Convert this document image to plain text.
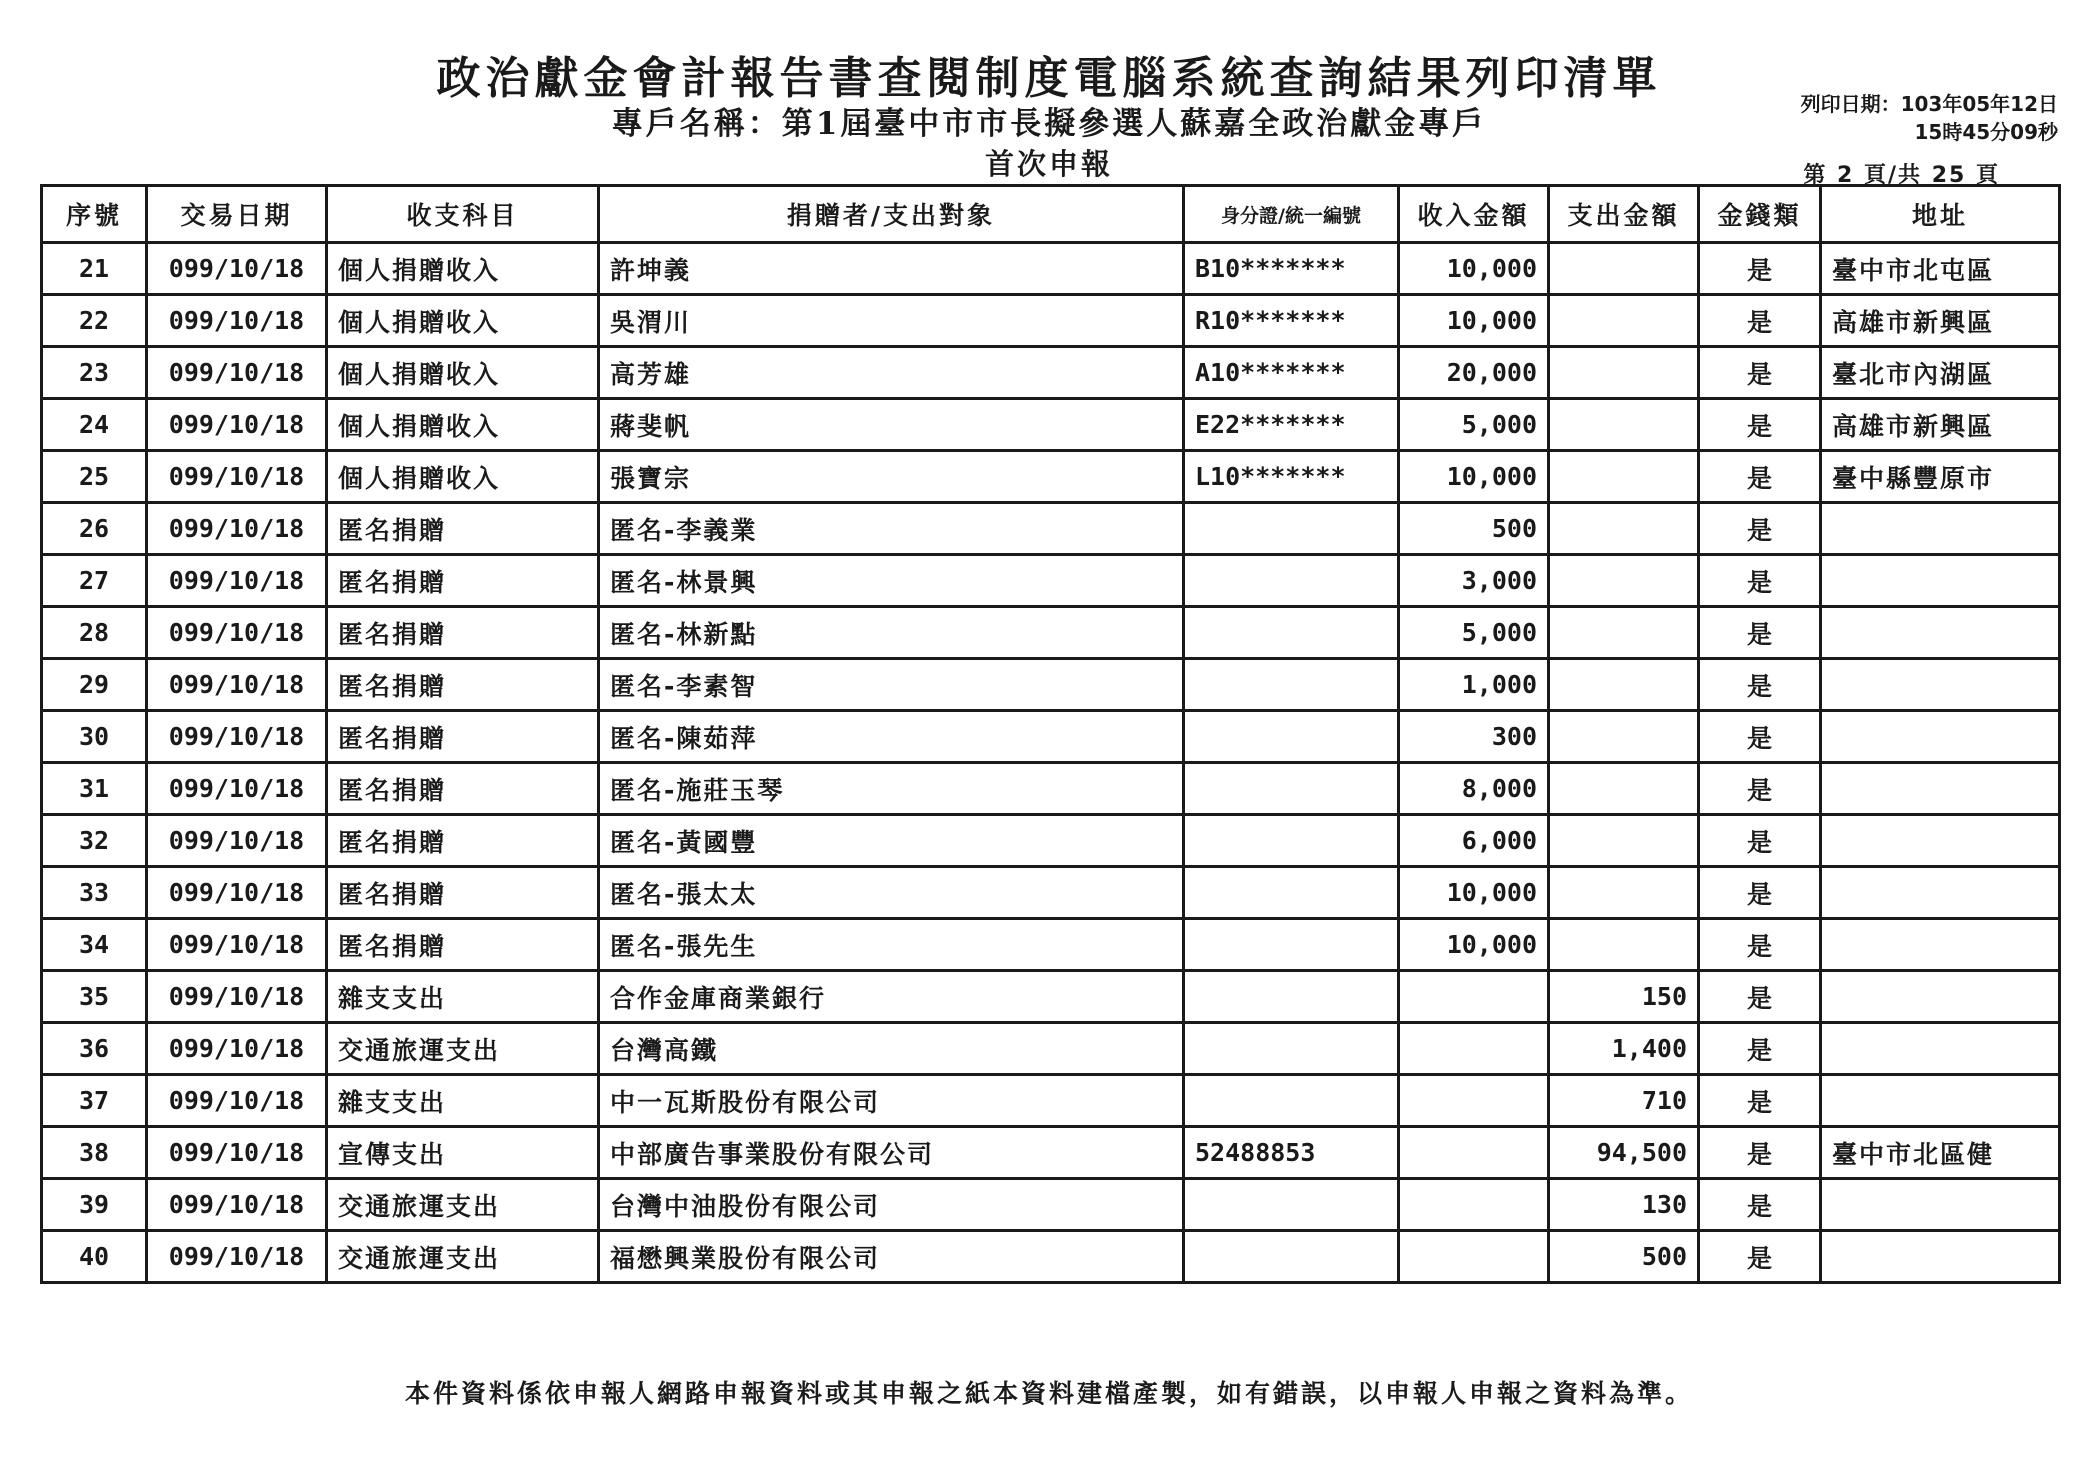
政治獻金會計報告書查閱制度電腦系統查詢結果列印清單
專戶名稱：第1屆臺中市市長擬參選人蘇嘉全政治獻金專戶
首次申報
列印日期：103年05年12日
15時45分09秒
第 2 頁/共 25 頁
序號	交易日期	收支科目	捐贈者/支出對象	身分證/統一編號	收入金額	支出金額	金錢類	地址
21	099/10/18	個人捐贈收入	許坤義	B10*******	10,000		是	臺中市北屯區
22	099/10/18	個人捐贈收入	吳渭川	R10*******	10,000		是	高雄市新興區
23	099/10/18	個人捐贈收入	高芳雄	A10*******	20,000		是	臺北市內湖區
24	099/10/18	個人捐贈收入	蔣斐帆	E22*******	5,000		是	高雄市新興區
25	099/10/18	個人捐贈收入	張寶宗	L10*******	10,000		是	臺中縣豐原市
26	099/10/18	匿名捐贈	匿名-李義業		500		是	
27	099/10/18	匿名捐贈	匿名-林景興		3,000		是	
28	099/10/18	匿名捐贈	匿名-林新點		5,000		是	
29	099/10/18	匿名捐贈	匿名-李素智		1,000		是	
30	099/10/18	匿名捐贈	匿名-陳茹萍		300		是	
31	099/10/18	匿名捐贈	匿名-施莊玉琴		8,000		是	
32	099/10/18	匿名捐贈	匿名-黃國豐		6,000		是	
33	099/10/18	匿名捐贈	匿名-張太太		10,000		是	
34	099/10/18	匿名捐贈	匿名-張先生		10,000		是	
35	099/10/18	雜支支出	合作金庫商業銀行			150	是	
36	099/10/18	交通旅運支出	台灣高鐵			1,400	是	
37	099/10/18	雜支支出	中一瓦斯股份有限公司			710	是	
38	099/10/18	宣傳支出	中部廣告事業股份有限公司	52488853		94,500	是	臺中市北區健
39	099/10/18	交通旅運支出	台灣中油股份有限公司			130	是	
40	099/10/18	交通旅運支出	福懋興業股份有限公司			500	是	
本件資料係依申報人網路申報資料或其申報之紙本資料建檔產製，如有錯誤，以申報人申報之資料為準。
